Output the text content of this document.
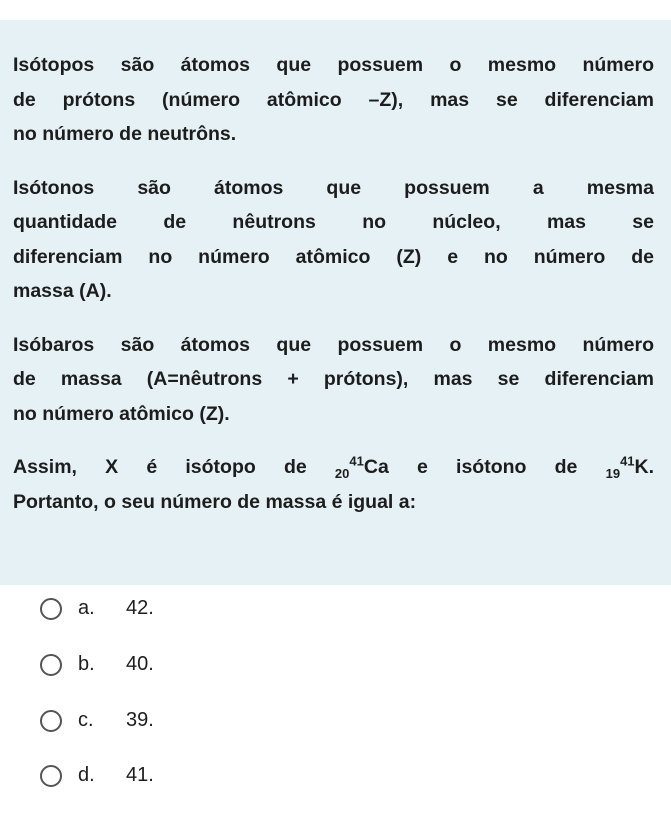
Isótopos são átomos que possuem o mesmo número
de prótons (número atômico –Z), mas se diferenciam
no número de neutrôns.

Isótonos são átomos que possuem a mesma
quantidade de nêutrons no núcleo, mas se
diferenciam no número atômico (Z) e no número de
massa (A).

Isóbaros são átomos que possuem o mesmo número
de massa (A=nêutrons + prótons), mas se diferenciam
no número atômico (Z).

Assim, X é isótopo de $_{20}^{41}$Ca e isótono de $_{19}^{41}$K.
Portanto, o seu número de massa é igual a:

a.	42.
b.	40.
c.	39.
d.	41.
